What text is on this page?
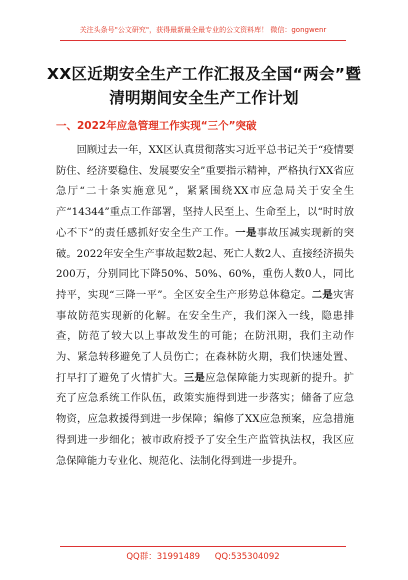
关注头条号"公文研究"，获得最新最全最专业的公文资料库！ 微信：gongwenr
XX区近期安全生产工作汇报及全国“两会”暨清明期间安全生产工作计划
一、2022年应急管理工作实现“三个”突破
回顾过去一年，XX区认真贯彻落实习近平总书记关于“疫情要防住、经济要稳住、发展要安全”重要指示精神，严格执行XX省应急厅“二十条实施意见”，紧紧围绕XX市应急局关于安全生产“14344”重点工作部署，坚持人民至上、生命至上，以“时时放心不下”的责任感抓好安全生产工作。一是事故压减实现新的突破。2022年安全生产事故起数2起、死亡人数2人、直接经济损失200万，分别同比下降50%、50%、60%，重伤人数0人，同比持平，实现“三降一平”。全区安全生产形势总体稳定。二是灾害事故防范实现新的化解。在安全生产，我们深入一线，隐患排查，防范了较大以上事故发生的可能；在防汛期，我们主动作为、紧急转移避免了人员伤亡；在森林防火期，我们快速处置、打早打了避免了火情扩大。三是应急保障能力实现新的提升。扩充了应急系统工作队伍，政策实施得到进一步落实；储备了应急物资，应急救援得到进一步保障；编修了XX应急预案，应急措施得到进一步细化；被市政府授予了安全生产监管执法权，我区应急保障能力专业化、规范化、法制化得到进一步提升。
QQ群：31991489 QQ:535304092
